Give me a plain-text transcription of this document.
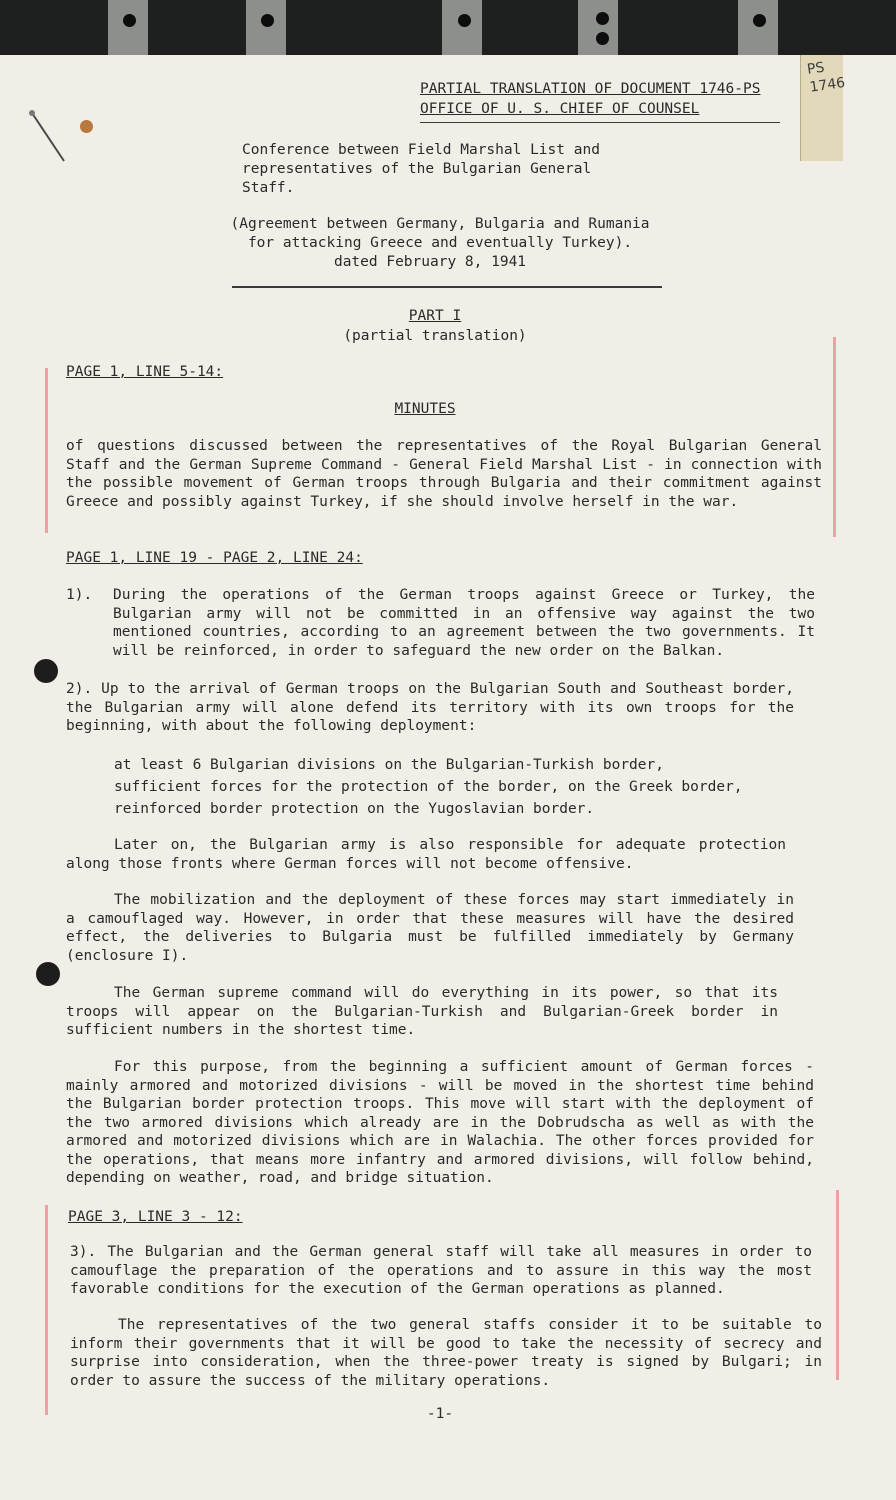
PS
1746
PARTIAL TRANSLATION OF DOCUMENT 1746-PS
OFFICE OF U. S. CHIEF OF COUNSEL
Conference between Field Marshal List and
representatives of the Bulgarian General
Staff.
(Agreement between Germany, Bulgaria and Rumania
for attacking Greece and eventually Turkey).
dated February 8, 1941
PART I
(partial translation)
PAGE 1, LINE 5-14:
MINUTES
of questions discussed between the representatives of the Royal Bulgarian General Staff and the German Supreme Command - General Field Marshal List - in connection with the possible movement of German troops through Bulgaria and their commitment against Greece and possibly against Turkey, if she should involve herself in the war.
PAGE 1, LINE 19 - PAGE 2, LINE 24:
1). During the operations of the German troops against Greece or Turkey, the Bulgarian army will not be committed in an offensive way against the two mentioned countries, according to an agreement between the two governments. It will be reinforced, in order to safeguard the new order on the Balkan.
2). Up to the arrival of German troops on the Bulgarian South and Southeast border, the Bulgarian army will alone defend its territory with its own troops for the beginning, with about the following deployment:
at least 6 Bulgarian divisions on the Bulgarian-Turkish border,
sufficient forces for the protection of the border, on the Greek border,
reinforced border protection on the Yugoslavian border.
Later on, the Bulgarian army is also responsible for adequate protection along those fronts where German forces will not become offensive.
The mobilization and the deployment of these forces may start immediately in a camouflaged way. However, in order that these measures will have the desired effect, the deliveries to Bulgaria must be fulfilled immediately by Germany (enclosure I).
The German supreme command will do everything in its power, so that its troops will appear on the Bulgarian-Turkish and Bulgarian-Greek border in sufficient numbers in the shortest time.
For this purpose, from the beginning a sufficient amount of German forces - mainly armored and motorized divisions - will be moved in the shortest time behind the Bulgarian border protection troops. This move will start with the deployment of the two armored divisions which already are in the Dobrudscha as well as with the armored and motorized divisions which are in Walachia. The other forces provided for the operations, that means more infantry and armored divisions, will follow behind, depending on weather, road, and bridge situation.
PAGE 3, LINE 3 - 12:
3). The Bulgarian and the German general staff will take all measures in order to camouflage the preparation of the operations and to assure in this way the most favorable conditions for the execution of the German operations as planned.
The representatives of the two general staffs consider it to be suitable to inform their governments that it will be good to take the necessity of secrecy and surprise into consideration, when the three-power treaty is signed by Bulgari; in order to assure the success of the military operations.
-1-
